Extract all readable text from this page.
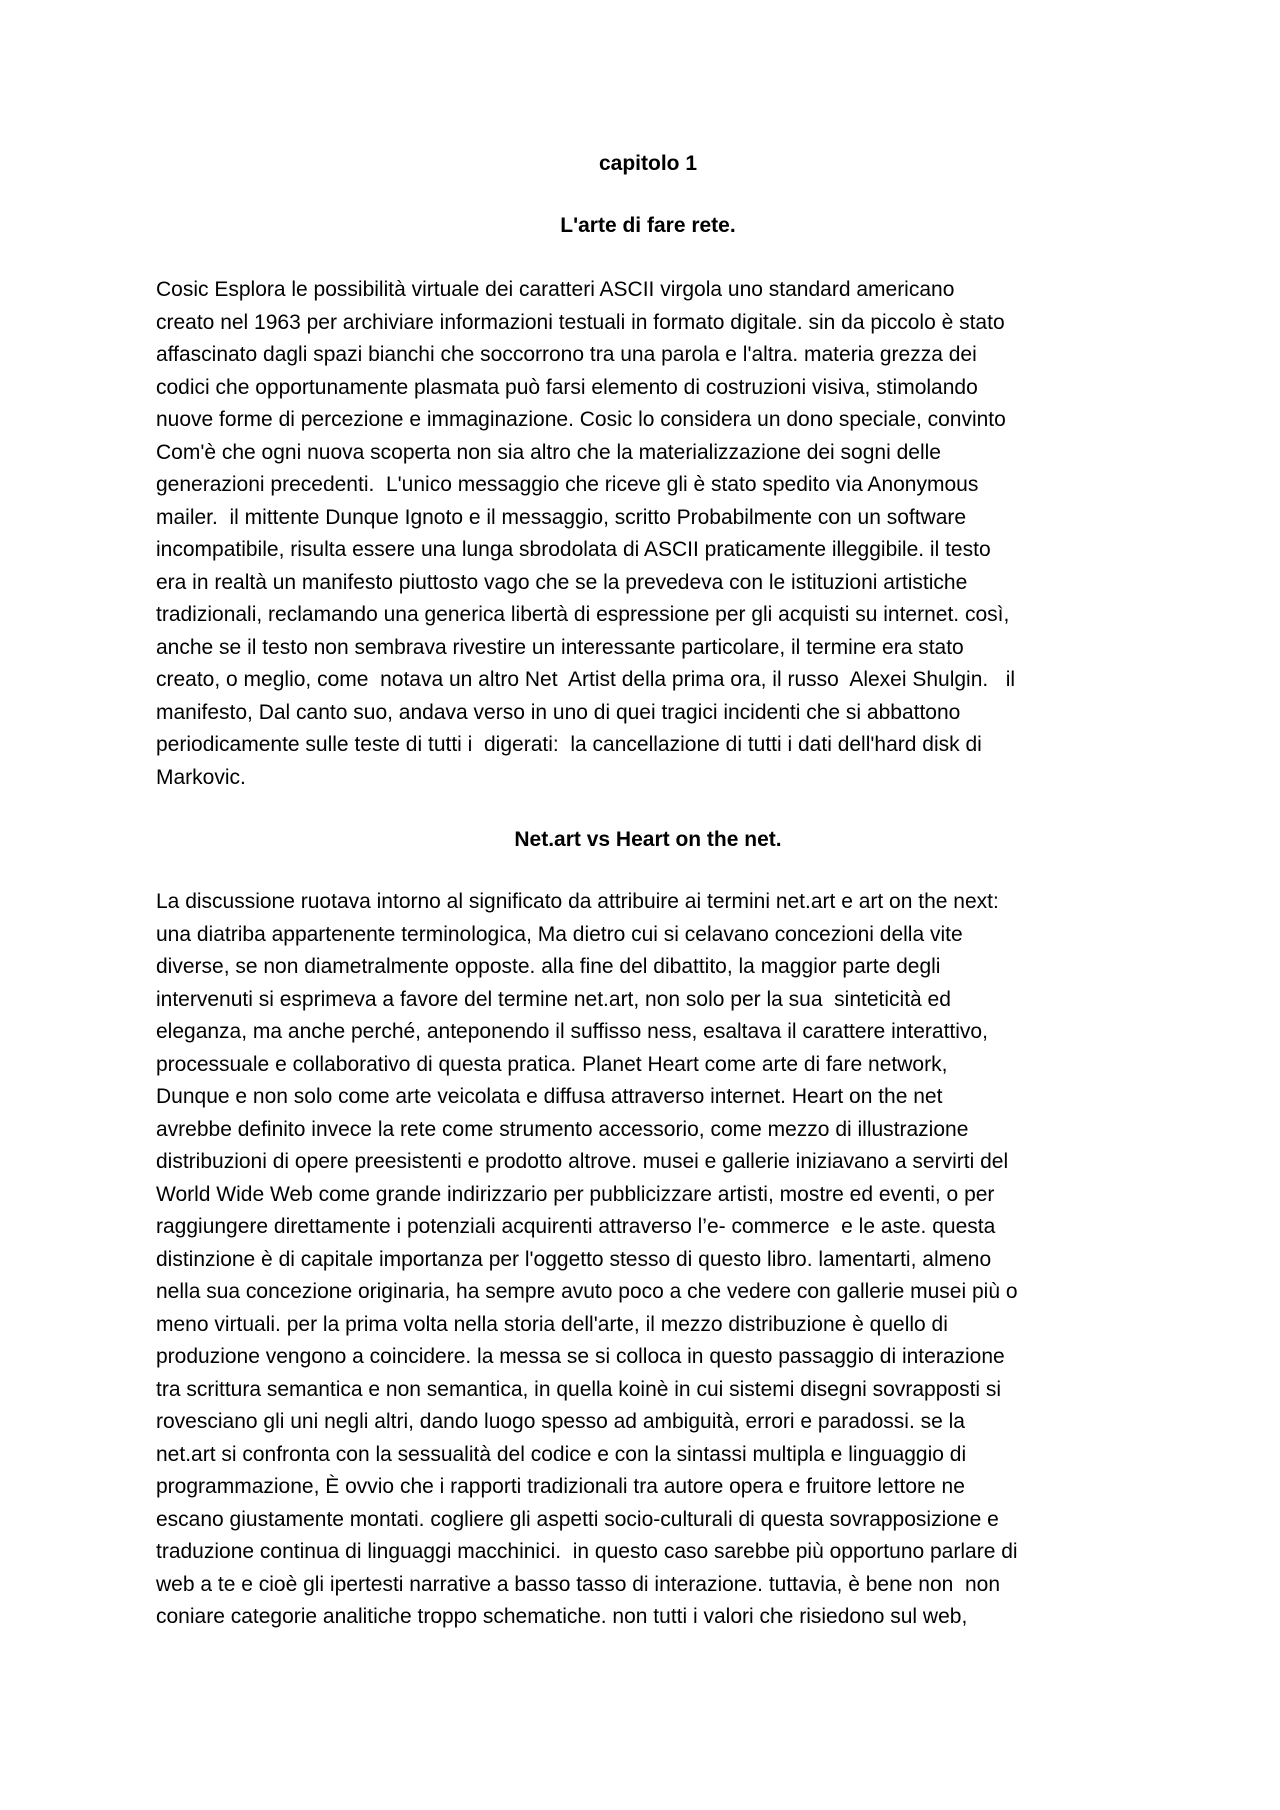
capitolo 1
L'arte di fare rete.

Cosic Esplora le possibilità virtuale dei caratteri ASCII virgola uno standard americano
creato nel 1963 per archiviare informazioni testuali in formato digitale. sin da piccolo è stato
affascinato dagli spazi bianchi che soccorrono tra una parola e l'altra. materia grezza dei
codici che opportunamente plasmata può farsi elemento di costruzioni visiva, stimolando
nuove forme di percezione e immaginazione. Cosic lo considera un dono speciale, convinto
Com'è che ogni nuova scoperta non sia altro che la materializzazione dei sogni delle
generazioni precedenti.  L'unico messaggio che riceve gli è stato spedito via Anonymous
mailer.  il mittente Dunque Ignoto e il messaggio, scritto Probabilmente con un software
incompatibile, risulta essere una lunga sbrodolata di ASCII praticamente illeggibile. il testo
era in realtà un manifesto piuttosto vago che se la prevedeva con le istituzioni artistiche
tradizionali, reclamando una generica libertà di espressione per gli acquisti su internet. così,
anche se il testo non sembrava rivestire un interessante particolare, il termine era stato
creato, o meglio, come  notava un altro Net  Artist della prima ora, il russo  Alexei Shulgin.   il
manifesto, Dal canto suo, andava verso in uno di quei tragici incidenti che si abbattono
periodicamente sulle teste di tutti i  digerati:  la cancellazione di tutti i dati dell'hard disk di
Markovic.

Net.art vs Heart on the net.

La discussione ruotava intorno al significato da attribuire ai termini net.art e art on the next:
una diatriba appartenente terminologica, Ma dietro cui si celavano concezioni della vite
diverse, se non diametralmente opposte. alla fine del dibattito, la maggior parte degli
intervenuti si esprimeva a favore del termine net.art, non solo per la sua  sinteticità ed
eleganza, ma anche perché, anteponendo il suffisso ness, esaltava il carattere interattivo,
processuale e collaborativo di questa pratica. Planet Heart come arte di fare network,
Dunque e non solo come arte veicolata e diffusa attraverso internet. Heart on the net
avrebbe definito invece la rete come strumento accessorio, come mezzo di illustrazione
distribuzioni di opere preesistenti e prodotto altrove. musei e gallerie iniziavano a servirti del
World Wide Web come grande indirizzario per pubblicizzare artisti, mostre ed eventi, o per
raggiungere direttamente i potenziali acquirenti attraverso l’e- commerce  e le aste. questa
distinzione è di capitale importanza per l'oggetto stesso di questo libro. lamentarti, almeno
nella sua concezione originaria, ha sempre avuto poco a che vedere con gallerie musei più o
meno virtuali. per la prima volta nella storia dell'arte, il mezzo distribuzione è quello di
produzione vengono a coincidere. la messa se si colloca in questo passaggio di interazione
tra scrittura semantica e non semantica, in quella koinè in cui sistemi disegni sovrapposti si
rovesciano gli uni negli altri, dando luogo spesso ad ambiguità, errori e paradossi. se la
net.art si confronta con la sessualità del codice e con la sintassi multipla e linguaggio di
programmazione, È ovvio che i rapporti tradizionali tra autore opera e fruitore lettore ne
escano giustamente montati. cogliere gli aspetti socio-culturali di questa sovrapposizione e
traduzione continua di linguaggi macchinici.  in questo caso sarebbe più opportuno parlare di
web a te e cioè gli ipertesti narrative a basso tasso di interazione. tuttavia, è bene non  non
coniare categorie analitiche troppo schematiche. non tutti i valori che risiedono sul web,
